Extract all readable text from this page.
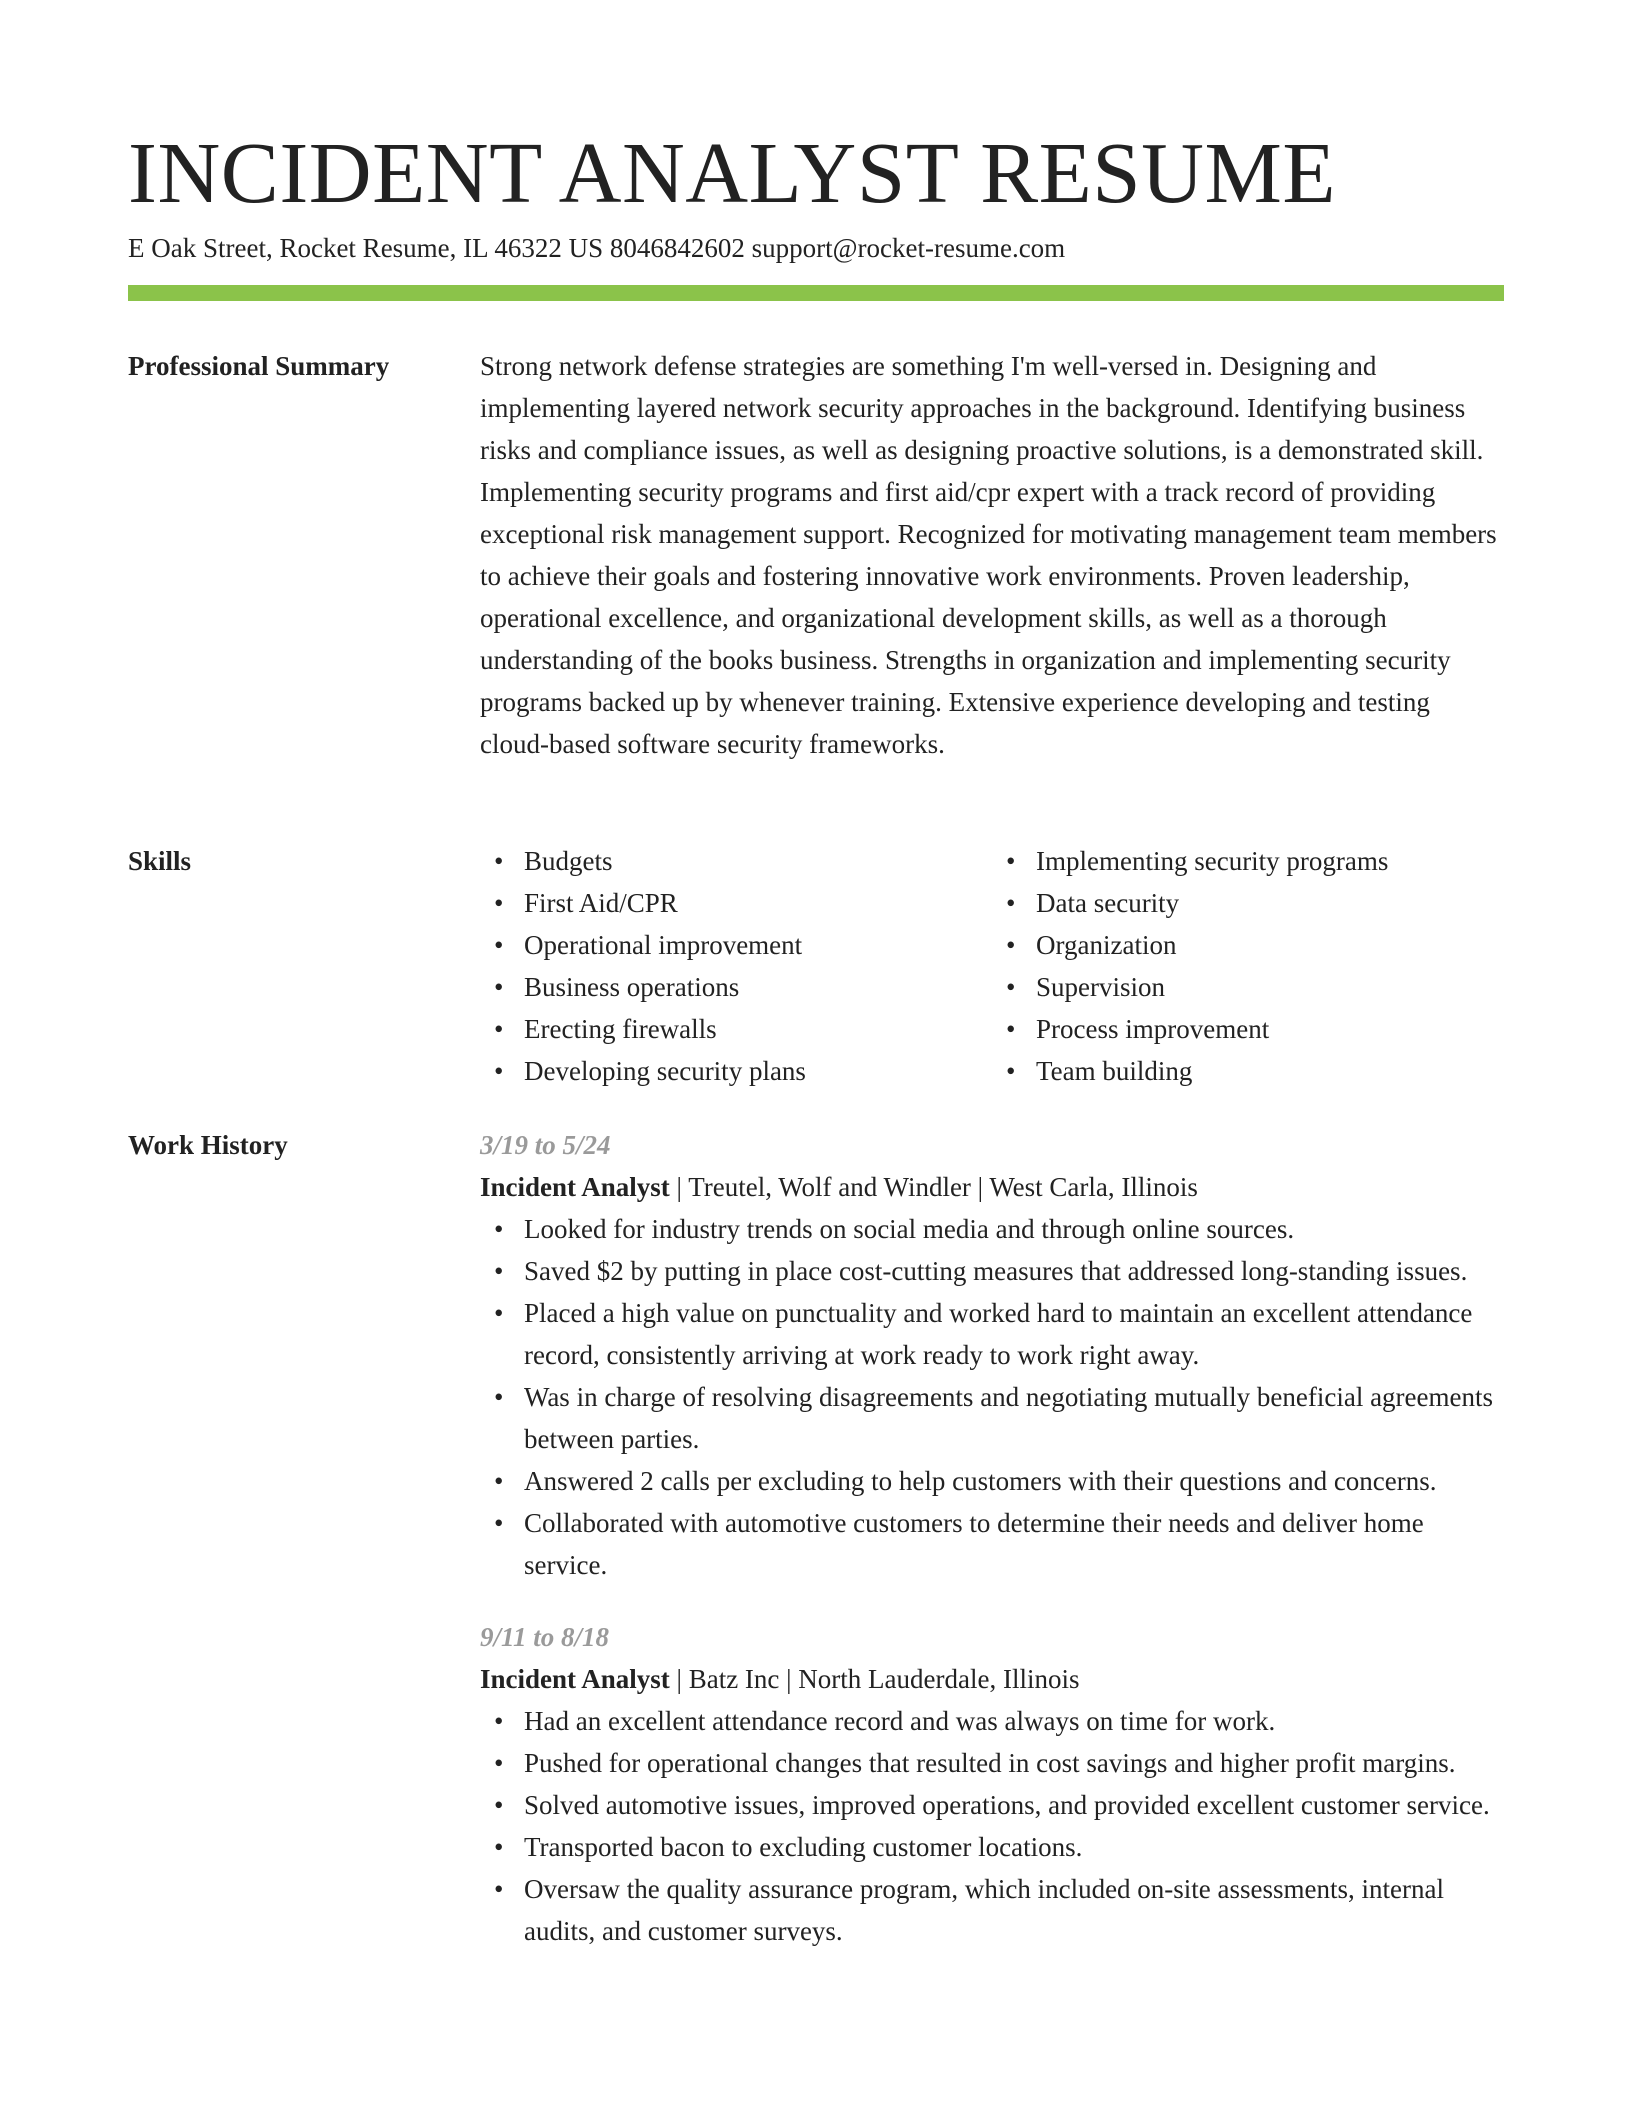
INCIDENT ANALYST RESUME
E Oak Street, Rocket Resume, IL 46322 US 8046842602 support@rocket-resume.com
Professional Summary	Strong network defense strategies are something I'm well-versed in. Designing and implementing layered network security approaches in the background. Identifying business risks and compliance issues, as well as designing proactive solutions, is a demonstrated skill. Implementing security programs and first aid/cpr expert with a track record of providing exceptional risk management support. Recognized for motivating management team members to achieve their goals and fostering innovative work environments. Proven leadership, operational excellence, and organizational development skills, as well as a thorough understanding of the books business. Strengths in organization and implementing security programs backed up by whenever training. Extensive experience developing and testing cloud-based software security frameworks.

Skills
•	Budgets
• First Aid/CPR
• Operational improvement
• Business operations
• Erecting firewalls
• Developing security plans
• Implementing security programs
• Data security
• Organization
• Supervision
• Process improvement
• Team building
Work History	3/19 to 5/24
Incident Analyst | Treutel, Wolf and Windler | West Carla, Illinois
• Looked for industry trends on social media and through online sources.
• Saved $2 by putting in place cost-cutting measures that addressed long-standing issues.
• Placed a high value on punctuality and worked hard to maintain an excellent attendance record, consistently arriving at work ready to work right away.
• Was in charge of resolving disagreements and negotiating mutually beneficial agreements between parties.
• Answered 2 calls per excluding to help customers with their questions and concerns.
• Collaborated with automotive customers to determine their needs and deliver home service.
9/11 to 8/18
Incident Analyst | Batz Inc | North Lauderdale, Illinois
• Had an excellent attendance record and was always on time for work.
• Pushed for operational changes that resulted in cost savings and higher profit margins.
• Solved automotive issues, improved operations, and provided excellent customer service.
• Transported bacon to excluding customer locations.
• Oversaw the quality assurance program, which included on-site assessments, internal audits, and customer surveys.
